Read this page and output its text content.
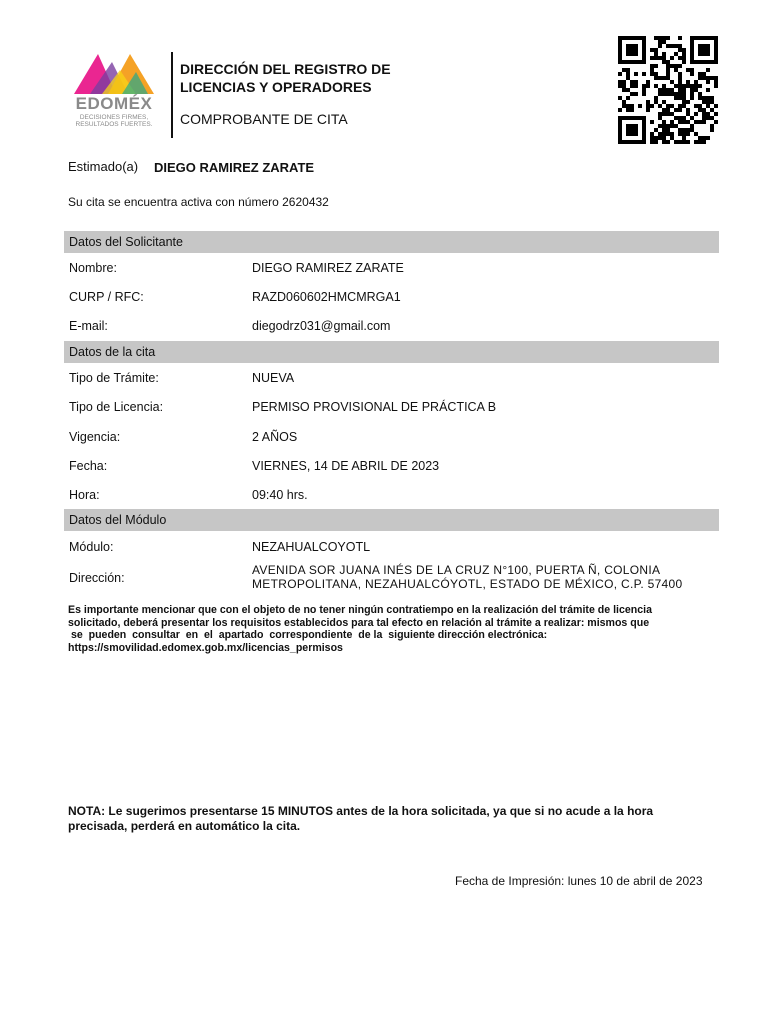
EDOMÉX
DECISIONES FIRMES,
RESULTADOS FUERTES.
DIRECCIÓN DEL REGISTRO DE
LICENCIAS Y OPERADORES
COMPROBANTE DE CITA
Estimado(a) DIEGO RAMIREZ ZARATE
Su cita se encuentra activa con número 2620432
Datos del Solicitante
Nombre:	DIEGO RAMIREZ ZARATE
CURP / RFC:	RAZD060602HMCMRGA1
E-mail:	diegodrz031@gmail.com
Datos de la cita
Tipo de Trámite:	NUEVA
Tipo de Licencia:	PERMISO PROVISIONAL DE PRÁCTICA B
Vigencia:	2 AÑOS
Fecha:	VIERNES, 14 DE ABRIL DE 2023
Hora:	09:40 hrs.
Datos del Módulo
Módulo:	NEZAHUALCOYOTL
Dirección:
AVENIDA SOR JUANA INÉS DE LA CRUZ N°100, PUERTA Ñ, COLONIA
METROPOLITANA, NEZAHUALCÓYOTL, ESTADO DE MÉXICO, C.P. 57400
Es importante mencionar que con el objeto de no tener ningún contratiempo en la realización del trámite de licencia
solicitado, deberá presentar los requisitos establecidos para tal efecto en relación al trámite a realizar: mismos que
se  pueden  consultar  en  el  apartado  correspondiente  de la  siguiente dirección electrónica:
https://smovilidad.edomex.gob.mx/licencias_permisos
NOTA: Le sugerimos presentarse 15 MINUTOS antes de la hora solicitada, ya que si no acude a la hora
precisada, perderá en automático la cita.
Fecha de Impresión: lunes 10 de abril de 2023
